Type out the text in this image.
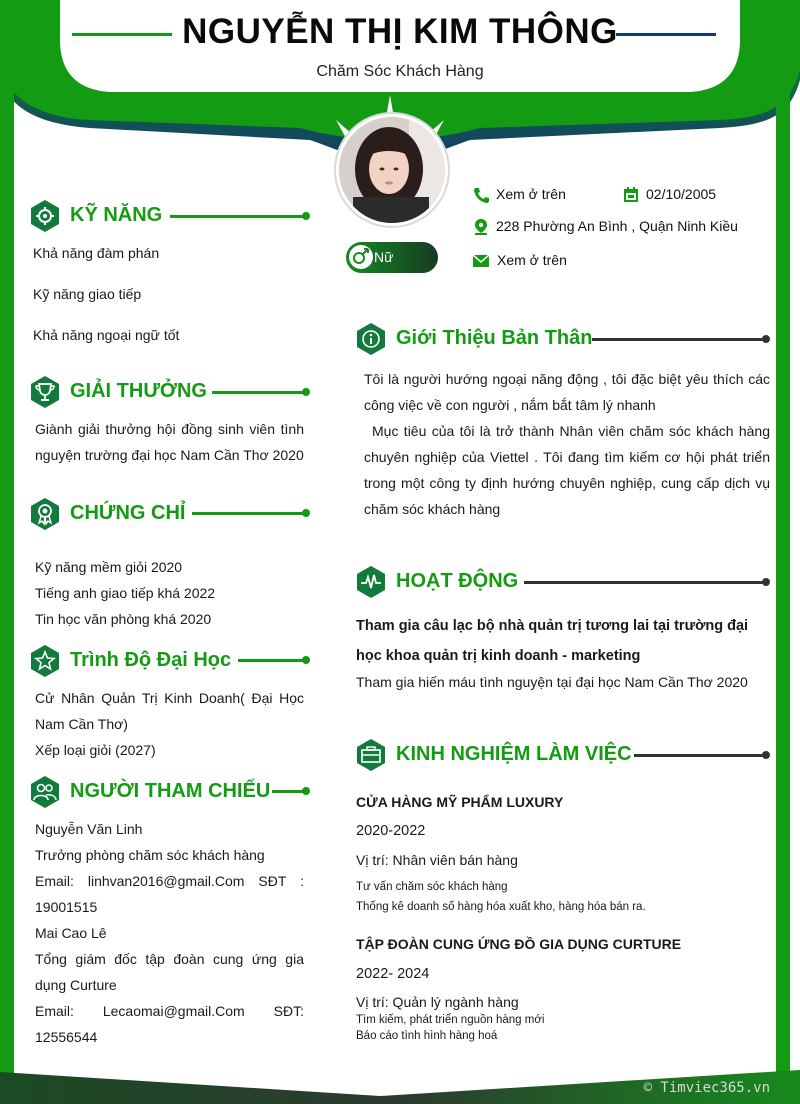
NGUYỄN THỊ KIM THÔNG
Chăm Sóc Khách Hàng
Nữ
Xem ở trên	02/10/2005
228 Phường An Bình , Quận Ninh Kiều
Xem ở trên
KỸ NĂNG
Khả năng đàm phán
Kỹ năng giao tiếp
Khả năng ngoại ngữ tốt
GIẢI THƯỞNG
Giành giải thưởng hội đồng sinh viên tình nguyện trường đại học Nam Cần Thơ 2020
CHỨNG CHỈ
Kỹ năng mềm giỏi 2020
Tiếng anh giao tiếp khá 2022
Tin học văn phòng khá 2020
Trình Độ Đại Học
Cử Nhân Quản Trị Kinh Doanh( Đại Học Nam Cần Thơ)
Xếp loại giỏi (2027)
NGƯỜI THAM CHIẾU
Nguyễn Văn Linh
Trưởng phòng chăm sóc khách hàng
Email: linhvan2016@gmail.Com SĐT : 19001515
Mai Cao Lê
Tổng giám đốc tập đoàn cung ứng gia dụng Curture
Email: Lecaomai@gmail.Com SĐT: 12556544
Giới Thiệu Bản Thân
Tôi là người hướng ngoại năng động , tôi đặc biệt yêu thích các công việc về con người , nắm bắt tâm lý nhanh
Mục tiêu của tôi là trở thành Nhân viên chăm sóc khách hàng chuyên nghiệp của Viettel . Tôi đang tìm kiếm cơ hội phát triển trong một công ty định hướng chuyên nghiệp, cung cấp dịch vụ chăm sóc khách hàng
HOẠT ĐỘNG
Tham gia câu lạc bộ nhà quản trị tương lai tại trường đại học khoa quản trị kinh doanh - marketing
Tham gia hiến máu tình nguyện tại đại học Nam Cần Thơ 2020
KINH NGHIỆM LÀM VIỆC
CỬA HÀNG MỸ PHẨM LUXURY
2020-2022
Vị trí: Nhân viên bán hàng
Tư vấn chăm sóc khách hàng
Thống kê doanh số hàng hóa xuất kho, hàng hóa bán ra.
TẬP ĐOÀN CUNG ỨNG ĐỒ GIA DỤNG CURTURE
2022- 2024
Vị trí: Quản lý ngành hàng
Tìm kiếm, phát triển nguồn hàng mới
Báo cáo tình hình hàng hoá
© Timviec365.vn
